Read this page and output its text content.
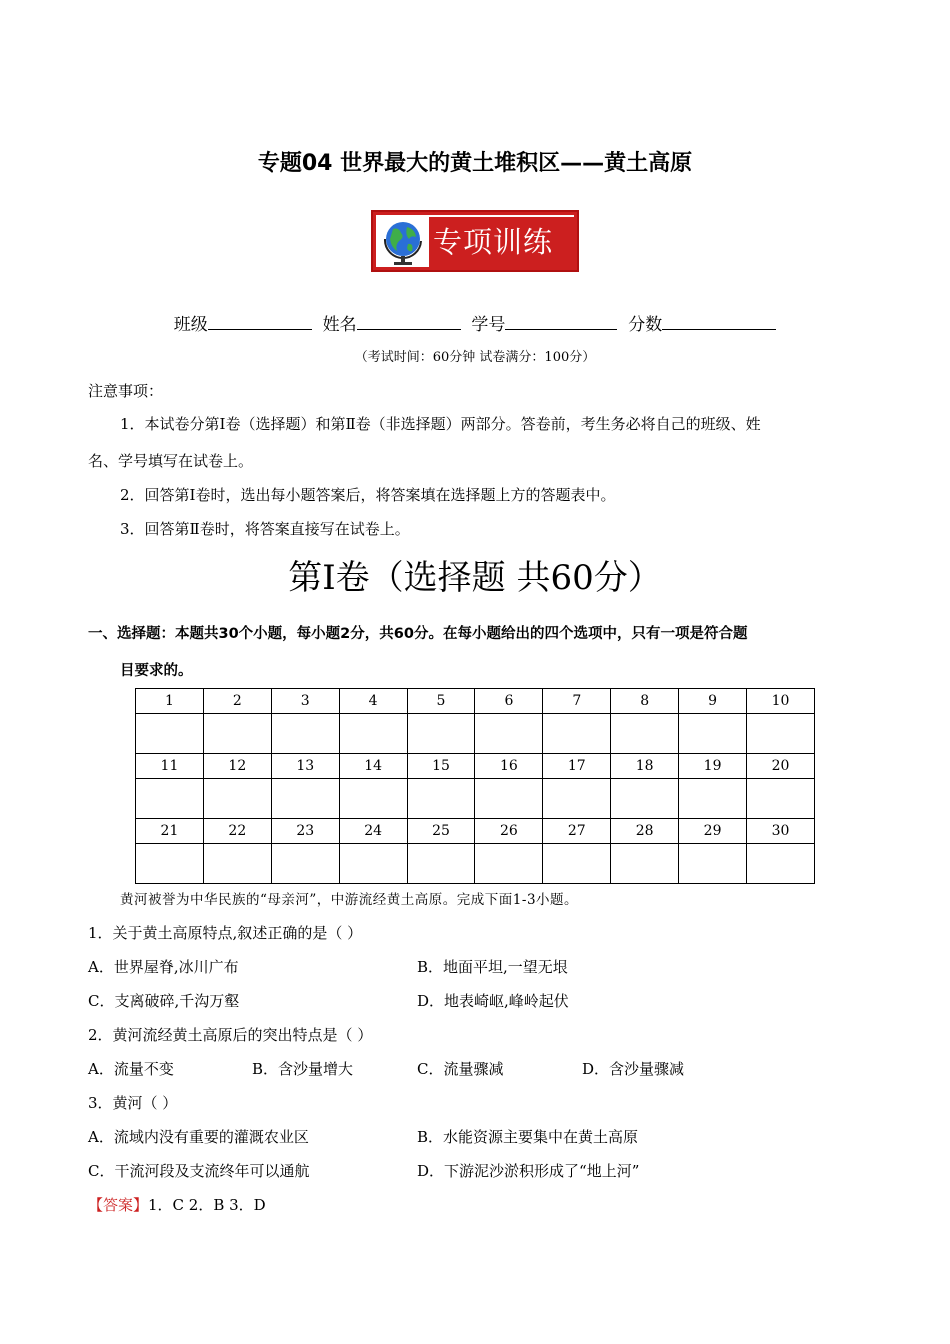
专题04 世界最大的黄土堆积区——黄土高原
专项训练
班级	姓名	学号	分数
（考试时间：60分钟 试卷满分：100分）
注意事项：
1．本试卷分第Ⅰ卷（选择题）和第Ⅱ卷（非选择题）两部分。答卷前，考生务必将自己的班级、姓
名、学号填写在试卷上。
2．回答第Ⅰ卷时，选出每小题答案后，将答案填在选择题上方的答题表中。
3．回答第Ⅱ卷时，将答案直接写在试卷上。
第Ⅰ卷（选择题 共60分）
一、选择题：本题共30个小题，每小题2分，共60分。在每小题给出的四个选项中，只有一项是符合题
目要求的。
1	2	3	4	5	6	7	8	9	10

11	12	13	14	15	16	17	18	19	20

21	22	23	24	25	26	27	28	29	30

黄河被誉为中华民族的“母亲河”，中游流经黄土高原。完成下面1-3小题。
1．关于黄土高原特点,叙述正确的是（ ）
A．世界屋脊,冰川广布	B．地面平坦,一望无垠
C．支离破碎,千沟万壑	D．地表崎岖,峰岭起伏
2．黄河流经黄土高原后的突出特点是（ ）
A．流量不变	B．含沙量增大	C．流量骤减	D．含沙量骤减
3．黄河（ ）
A．流域内没有重要的灌溉农业区	B．水能资源主要集中在黄土高原
C．干流河段及支流终年可以通航	D．下游泥沙淤积形成了“地上河”
【答案】1．C 2．B 3．D
